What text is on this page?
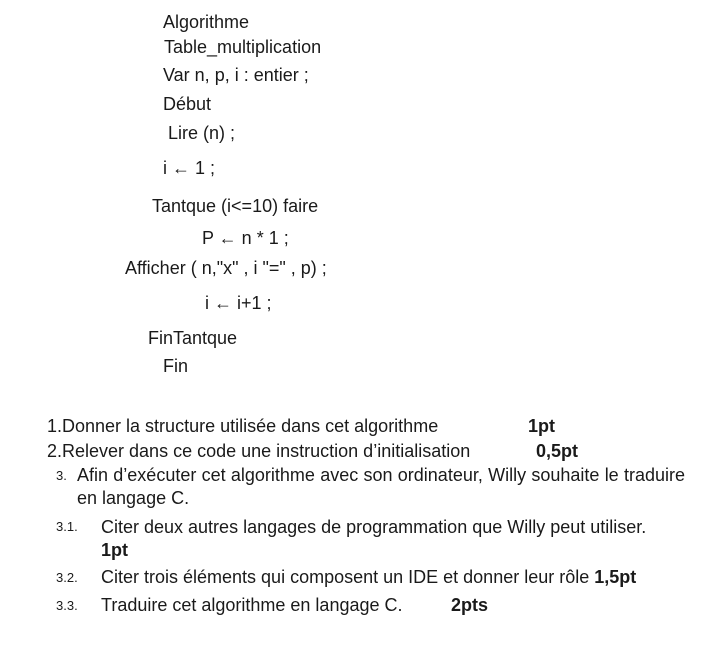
Algorithme
Table_multiplication
Var n, p, i : entier ;
Début
Lire (n) ;
i ← 1 ;
Tantque (i<=10) faire
P ← n * 1 ;
Afficher ( n,"x" , i "=" , p) ;
i ← i+1 ;
FinTantque
Fin
1.Donner la structure utilisée dans cet algorithme	1pt
2.Relever dans ce code une instruction d’initialisation	0,5pt
3. Afin d’exécuter cet algorithme avec son ordinateur, Willy souhaite le traduire en langage C.
3.1. Citer deux autres langages de programmation que Willy peut utiliser.
1pt
3.2. Citer trois éléments qui composent un IDE et donner leur rôle 1,5pt
3.3. Traduire cet algorithme en langage C.	2pts
